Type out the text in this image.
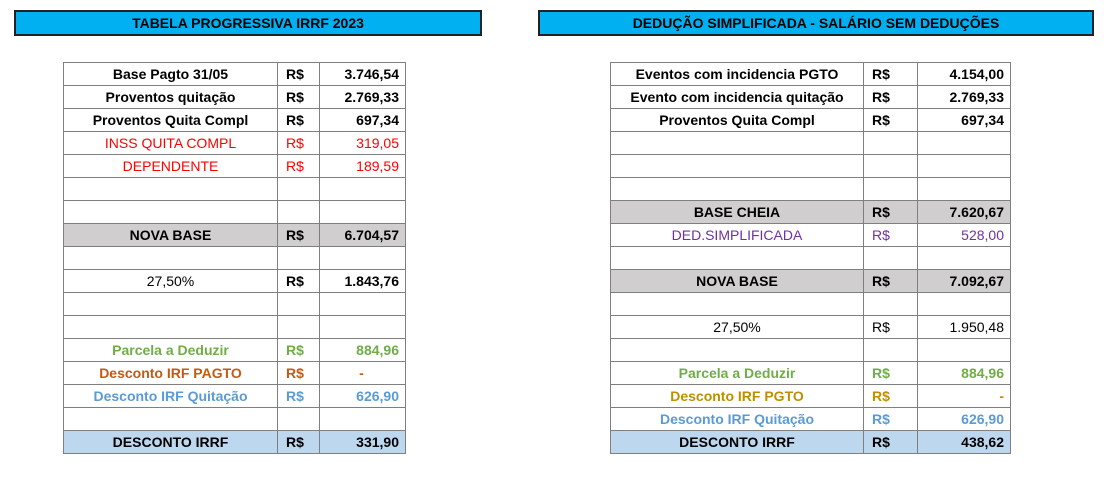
TABELA PROGRESSIVA IRRF 2023	DEDUÇÃO SIMPLIFICADA - SALÁRIO SEM DEDUÇÕES
Base Pagto 31/05	R$	3.746,54
Proventos quitação	R$	2.769,33
Proventos Quita Compl	R$	697,34
INSS QUITA COMPL	R$	319,05
DEPENDENTE	R$	189,59

NOVA BASE	R$	6.704,57

27,50%	R$	1.843,76

Parcela a Deduzir	R$	884,96
Desconto IRF PAGTO	R$	-
Desconto IRF Quitação	R$	626,90

DESCONTO IRRF	R$	331,90
Eventos com incidencia PGTO	R$	4.154,00
Evento com incidencia quitação	R$	2.769,33
Proventos Quita Compl	R$	697,34

BASE CHEIA	R$	7.620,67
DED.SIMPLIFICADA	R$	528,00

NOVA BASE	R$	7.092,67

27,50%	R$	1.950,48

Parcela a Deduzir	R$	884,96
Desconto IRF PGTO	R$	-
Desconto IRF Quitação	R$	626,90
DESCONTO IRRF	R$	438,62
